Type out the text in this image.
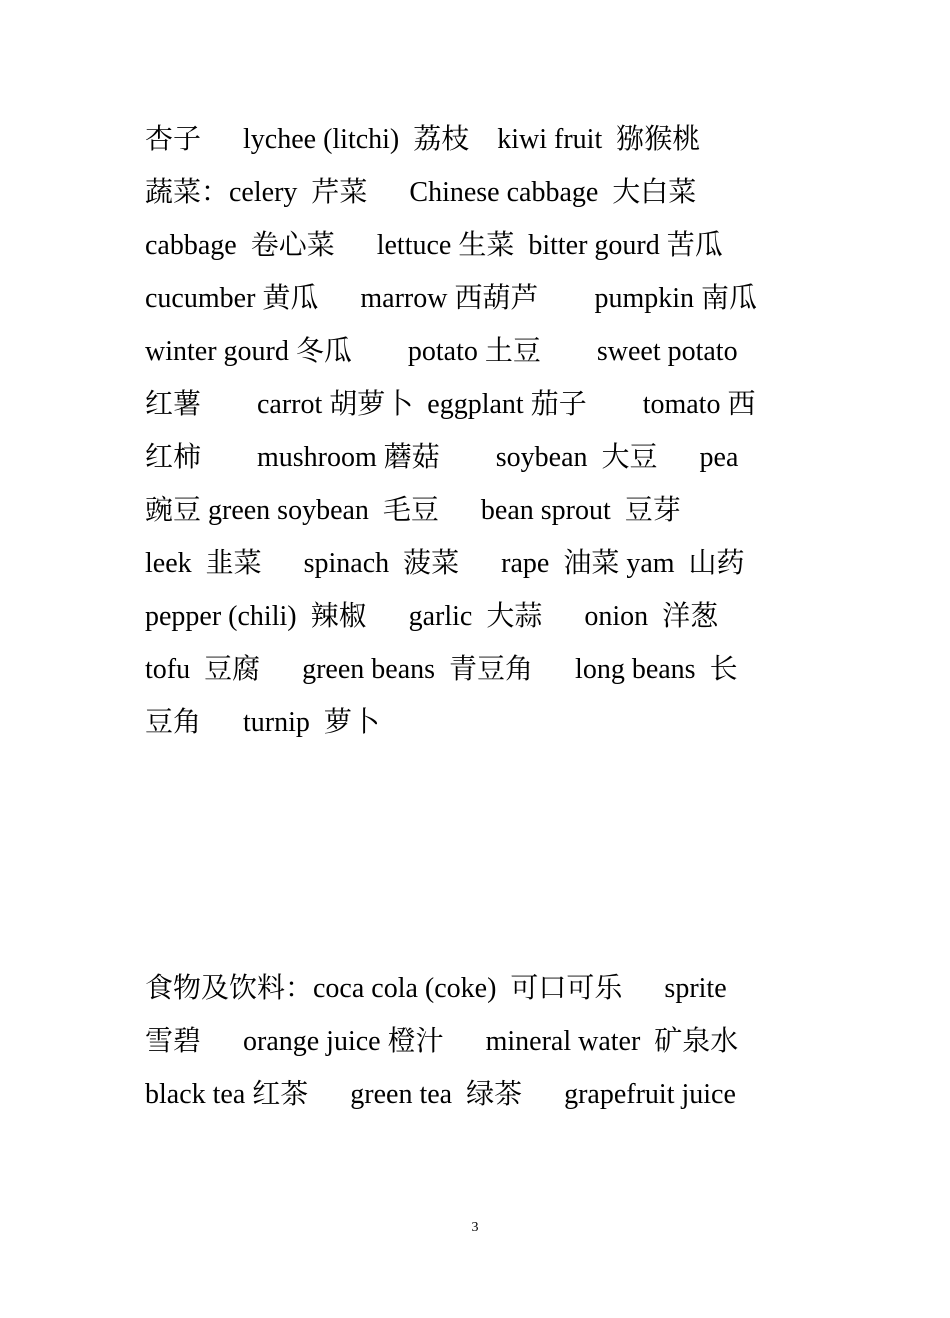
杏子      lychee (litchi)  荔枝    kiwi fruit  猕猴桃
蔬菜：celery  芹菜      Chinese cabbage  大白菜
cabbage  卷心菜      lettuce 生菜  bitter gourd 苦瓜
cucumber 黄瓜      marrow 西葫芦        pumpkin 南瓜
winter gourd 冬瓜        potato 土豆        sweet potato
红薯        carrot 胡萝卜  eggplant 茄子        tomato 西
红柿        mushroom 蘑菇        soybean  大豆      pea
豌豆 green soybean  毛豆      bean sprout  豆芽
leek  韭菜      spinach  菠菜      rape  油菜 yam  山药
pepper (chili)  辣椒      garlic  大蒜      onion  洋葱
tofu  豆腐      green beans  青豆角      long beans  长
豆角      turnip  萝卜
食物及饮料：coca cola (coke)  可口可乐      sprite
雪碧      orange juice 橙汁      mineral water  矿泉水
black tea 红茶      green tea  绿茶      grapefruit juice
3
